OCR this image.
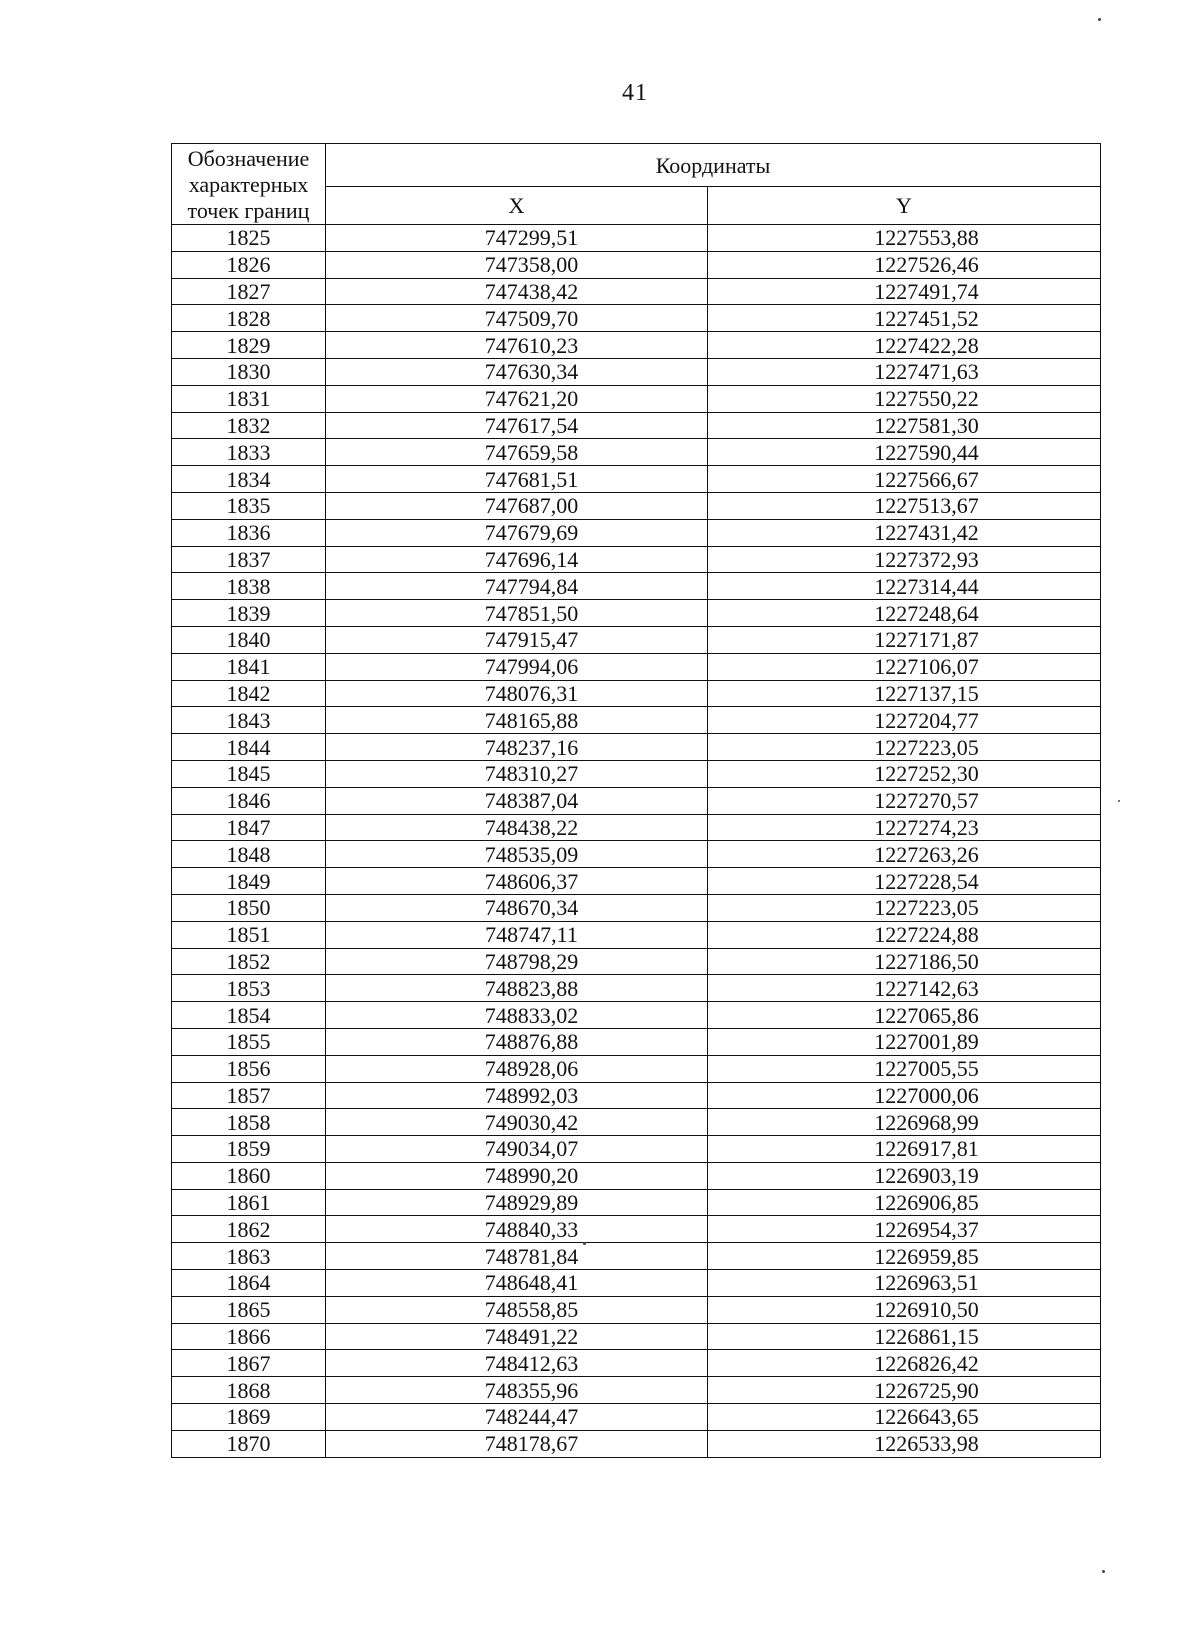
41
Обозначение характерных точек границ	Координаты	
	X	Y
1825	747299,51	1227553,88
1826	747358,00	1227526,46
1827	747438,42	1227491,74
1828	747509,70	1227451,52
1829	747610,23	1227422,28
1830	747630,34	1227471,63
1831	747621,20	1227550,22
1832	747617,54	1227581,30
1833	747659,58	1227590,44
1834	747681,51	1227566,67
1835	747687,00	1227513,67
1836	747679,69	1227431,42
1837	747696,14	1227372,93
1838	747794,84	1227314,44
1839	747851,50	1227248,64
1840	747915,47	1227171,87
1841	747994,06	1227106,07
1842	748076,31	1227137,15
1843	748165,88	1227204,77
1844	748237,16	1227223,05
1845	748310,27	1227252,30
1846	748387,04	1227270,57
1847	748438,22	1227274,23
1848	748535,09	1227263,26
1849	748606,37	1227228,54
1850	748670,34	1227223,05
1851	748747,11	1227224,88
1852	748798,29	1227186,50
1853	748823,88	1227142,63
1854	748833,02	1227065,86
1855	748876,88	1227001,89
1856	748928,06	1227005,55
1857	748992,03	1227000,06
1858	749030,42	1226968,99
1859	749034,07	1226917,81
1860	748990,20	1226903,19
1861	748929,89	1226906,85
1862	748840,33	1226954,37
1863	748781,84	1226959,85
1864	748648,41	1226963,51
1865	748558,85	1226910,50
1866	748491,22	1226861,15
1867	748412,63	1226826,42
1868	748355,96	1226725,90
1869	748244,47	1226643,65
1870	748178,67	1226533,98
